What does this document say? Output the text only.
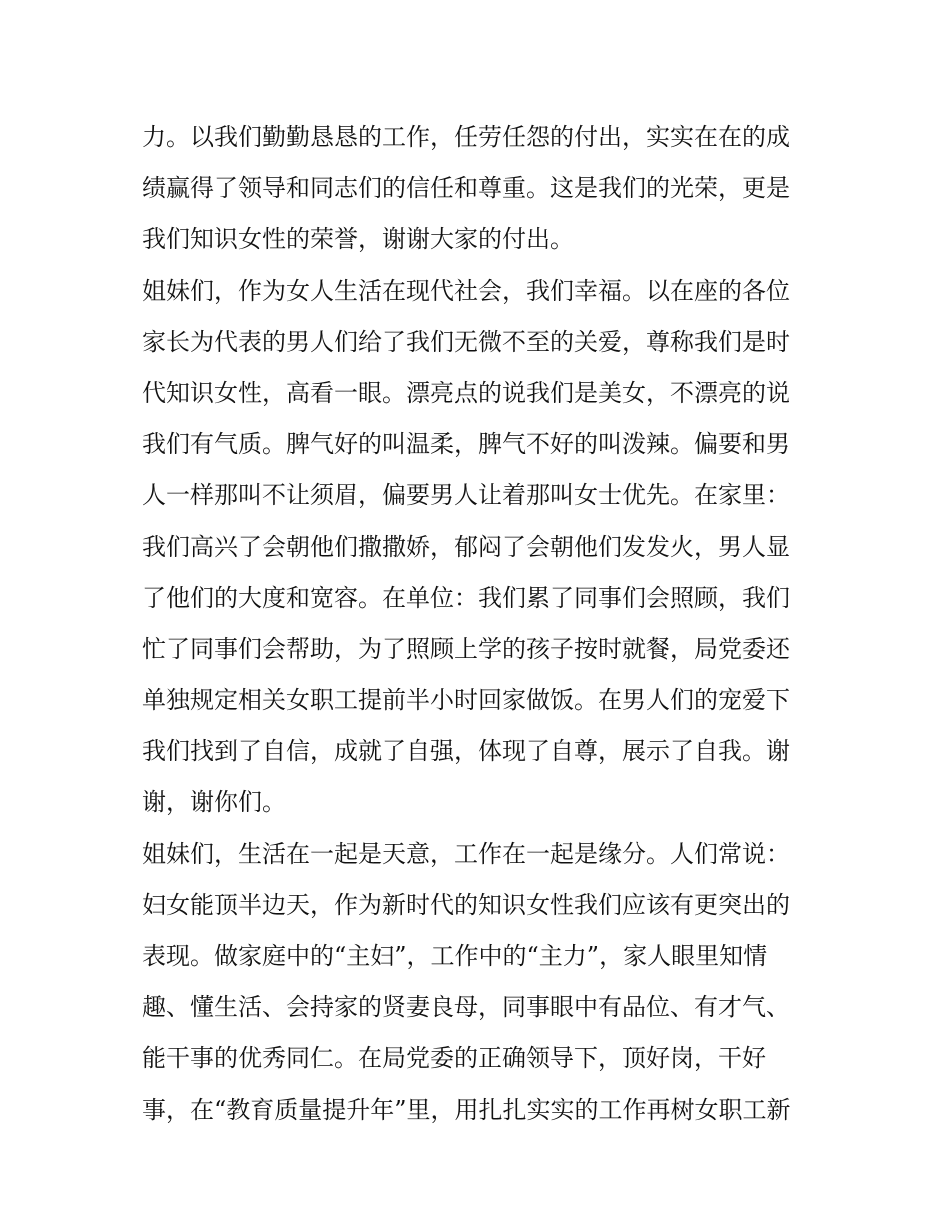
力。以我们勤勤恳恳的工作，任劳任怨的付出，实实在在的成
绩赢得了领导和同志们的信任和尊重。这是我们的光荣，更是
我们知识女性的荣誉，谢谢大家的付出。
姐妹们，作为女人生活在现代社会，我们幸福。以在座的各位
家长为代表的男人们给了我们无微不至的关爱，尊称我们是时
代知识女性，高看一眼。漂亮点的说我们是美女，不漂亮的说
我们有气质。脾气好的叫温柔，脾气不好的叫泼辣。偏要和男
人一样那叫不让须眉，偏要男人让着那叫女士优先。在家里：
我们高兴了会朝他们撒撒娇，郁闷了会朝他们发发火，男人显
了他们的大度和宽容。在单位：我们累了同事们会照顾，我们
忙了同事们会帮助，为了照顾上学的孩子按时就餐，局党委还
单独规定相关女职工提前半小时回家做饭。在男人们的宠爱下
我们找到了自信，成就了自强，体现了自尊，展示了自我。谢
谢，谢你们。
姐妹们，生活在一起是天意，工作在一起是缘分。人们常说：
妇女能顶半边天，作为新时代的知识女性我们应该有更突出的
表现。做家庭中的“主妇”，工作中的“主力”，家人眼里知情
趣、懂生活、会持家的贤妻良母，同事眼中有品位、有才气、
能干事的优秀同仁。在局党委的正确领导下，顶好岗，干好
事，在“教育质量提升年”里，用扎扎实实的工作再树女职工新
